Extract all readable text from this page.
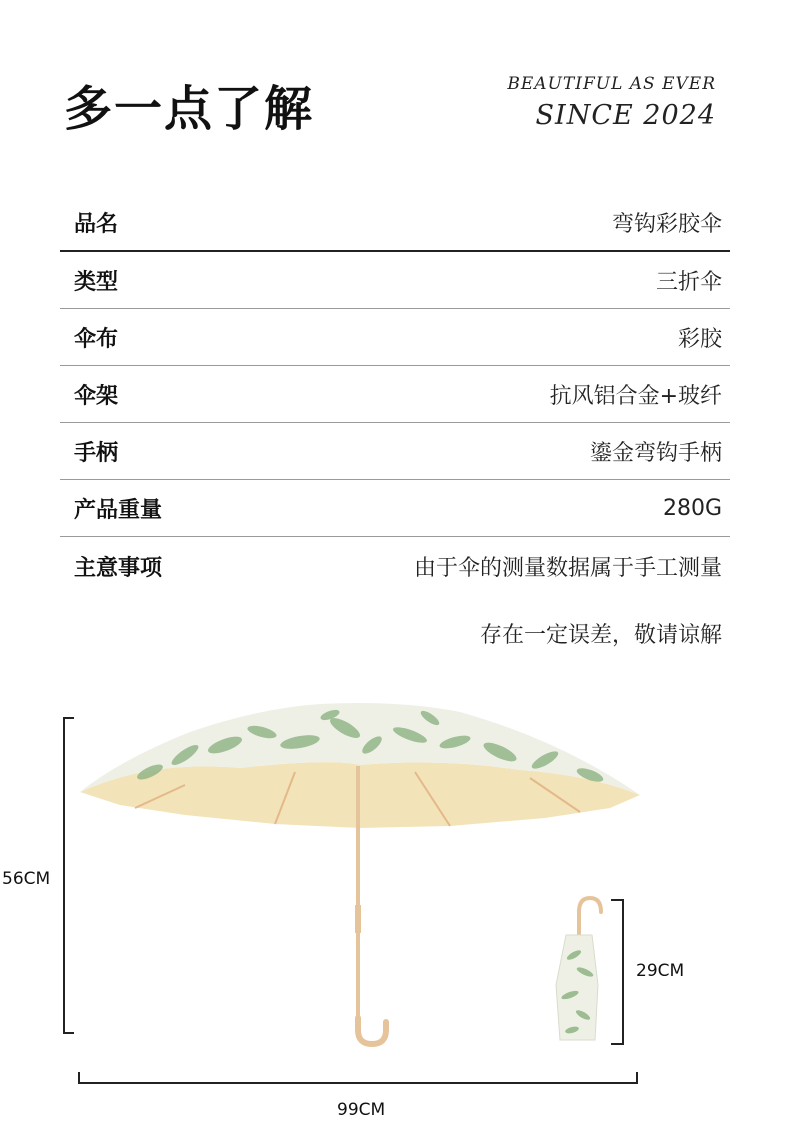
多一点了解	BEAUTIFUL AS EVER
SINCE 2024
品名	弯钩彩胶伞
类型	三折伞
伞布	彩胶
伞架	抗风铝合金+玻纤
手柄	鎏金弯钩手柄
产品重量	280G
主意事项	由于伞的测量数据属于手工测量
存在一定误差，敬请谅解
56CM
99CM
29CM
